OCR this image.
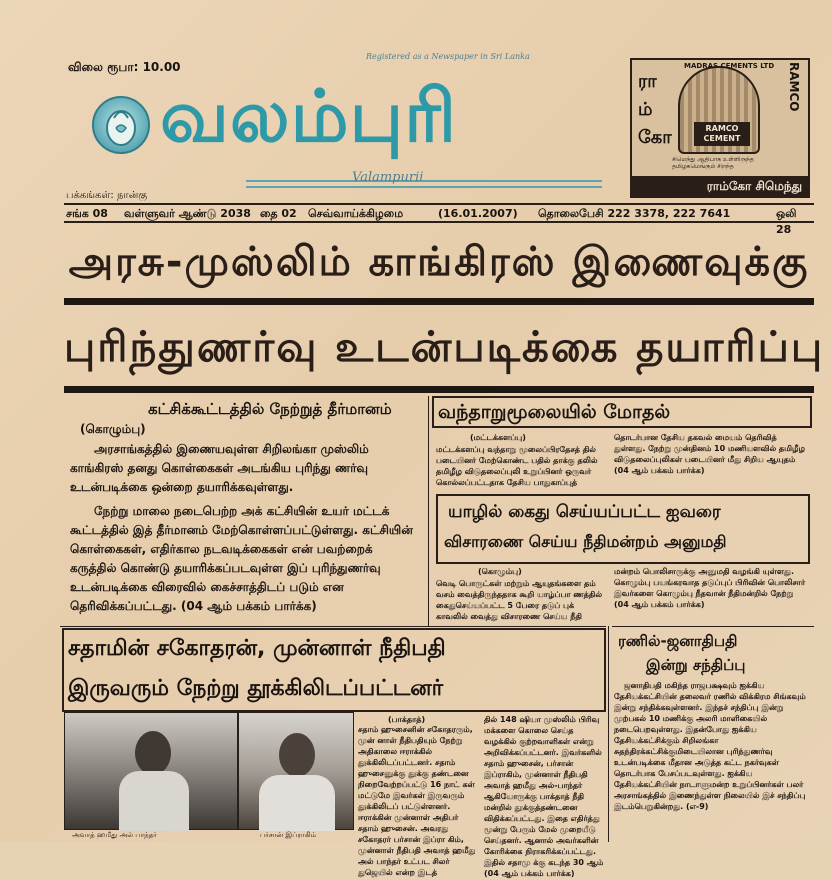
விலை ரூபா: 10.00
Registered as a Newspaper in Sri Lanka
வலம்புரி
Valampurii
பக்கங்கள்: நான்கு
ரா
ம்
கோ
MADRAS CEMENTS LTD
RAMCO CEMENT
RAMCO
சிமெந்து ஆதிபாக உள்ளிருந்த தமிழகமெங்கும் சிறந்த
ராம்கோ சிமெந்து
சங்க 08 வள்ளுவர் ஆண்டு 2038 தை 02 செவ்வாய்க்கிழமை	(16.01.2007) தொலைபேசி 222 3378, 222 7641	ஒலி 28
அரசு-முஸ்லிம் காங்கிரஸ் இணைவுக்கு
புரிந்துணர்வு உடன்படிக்கை தயாரிப்பு
கட்சிக்கூட்டத்தில் நேற்றுத் தீர்மானம்
(கொழும்பு)
அரசாங்கத்தில் இணையவுள்ள சிறிலங்கா முஸ்லிம் காங்கிரஸ் தனது கொள்கைகள் அடங்கிய புரிந்து ணர்வு உடன்படிக்கை ஒன்றை தயாரிக்கவுள்ளது.
நேற்று மாலை நடைபெற்ற அக் கட்சியின் உயர் மட்டக் கூட்டத்தில் இத் தீர்மானம் மேற்கொள்ளப்பட்டுள்ளது. கட்சியின் கொள்கைகள், எதிர்கால நடவடிக்கைகள் என் பவற்றைக் கருத்தில் கொண்டு தயாரிக்கப்படவுள்ள இப் புரிந்துணர்வு உடன்படிக்கை விரைவில் கைச்சாத்திடப் படும் என தெரிவிக்கப்பட்டது. (04 ஆம் பக்கம் பார்க்க)
வந்தாறுமூலையில் மோதல்
(மட்டக்களப்பு)
மட்டக்களப்பு வந்தாறு மூலைப்பிரதேசத் தில் படையினர் மேற்கொண்ட பதில் தாக்கு தலில் தமிழீழ விடுதலைப்புலி உறுப்பினர் ஒருவர் கொல்லப்பட்டதாக தேசிய பாதுகாப்புத்
தொடர்பான தேசிய தகவல் மையம் தெரிவித் துள்ளது. நேற்று முன்தினம் 10 மணியளவில் தமிழீழ விடுதலைப்புலிகள் படையினர் மீது சிறிய ஆயுதம் (04 ஆம் பக்கம் பார்க்க)
யாழில் கைது செய்யப்பட்ட ஐவரை
விசாரணை செய்ய நீதிமன்றம் அனுமதி
(கொழும்பு)
வெடி பொருட்கள் மற்றும் ஆயுதங்களை தம் வசம் வைத்திருந்ததாக கூறி யாழ்ப்பா ணத்தில் கைதுசெய்யப்பட்ட 5 பேரை தடுப் புக் காவலில் வைத்து விசாரணை செய்ய நீதி
மன்றம் பொலிசாருக்கு அனுமதி வழங்கி யுள்ளது. கொழும்பு பயங்கரவாத தடுப்புப் பிரிவின் பொலிசார் இவர்களை கொழும்பு நீதவான் நீதிமன்றில் நேற்று (04 ஆம் பக்கம் பார்க்க)
சதாமின் சகோதரன், முன்னாள் நீதிபதி
இருவரும் நேற்று தூக்கிலிடப்பட்டனர்
அவாத் ஹமீது அல் பாந்தர்	பர்சான் இப்ராகிம்
(பாக்தாத்)
சதாம் ஹுசைனின் சகோதரரும், முன் னாள் நீதிபதியும் நேற்று அதிகாலை ஈராக்கில் தூக்கிலிடப்பட்டனர். சதாம் ஹுசைனுக்கு தூக்கு தண்டனை நிறைவேற்றப்பட்டு 16 நாட் கள் மட்டுமே இவர்கள் இருவரும் தூக்கிலிடப் பட்டுள்ளனர். ஈராக்கின் முன்னாள் அதிபர் சதாம் ஹுசைன். அவரது சகோதரர் பர்சான் இப்ரா கிம், முன்னாள் நீதிபதி அவாத் ஹமீது அல் பாந்தர் உட்பட சிலர் துஜெயில் என்ற இடத்
தில் 148 ஷியா முஸ்லிம் பிரிவு மக்களை கொலை செய்த வழக்கில் குற்றவாளிகள் என்று அறிவிக்கப்பட்டனர். இவர்களில் சதாம் ஹுசைன், பர்சான் இப்ராகிம், முன்னாள் நீதிபதி அவாத் ஹமீது அல்-பாந்தர் ஆகியோருக்கு பாக்தாத் நீதி மன்றில் தூக்குத்தண்டனை விதிக்கப்பட்டது. இதை எதிர்த்து மூன்று பேரும் மேல் முறையீடு செய்தனர். ஆனால் அவர்களின் கோரிக்கை நிராகரிக்கப்பட்டது. இதில் சதாமு க்கு கடந்த 30 ஆம் (04 ஆம் பக்கம் பார்க்க)
ரணில்-ஜனாதிபதி
இன்று சந்திப்பு
ஜனாதிபதி மகிந்த ராஜபக்ஷவும் ஐக்கிய தேசியக்கட்சியின் தலைவர் ரணில் விக்கிரம சிங்கவும் இன்று சந்திக்கவுள்ளனர். இந்தச் சந்திப்பு இன்று முற்பகல் 10 மணிக்கு அலரி மாளிகையில் நடைபெறவுள்ளது. இதன்போது ஐக்கிய தேசியக்கட்சிக்கும் சிறிலங்கா சுதந்திரக்கட்சிக்குமிடையிலான புரிந்துணர்வு உடன்படிக்கை மீதான அடுத்த கட்ட நகர்வுகள் தொடர்பாக பேசப்படவுள்ளது. ஐக்கிய தேசியக்கட்சியின் நாடாளுமன்ற உறுப்பினர்கள் பலர் அரசாங்கத்தில் இணைந்துள்ள நிலையில் இச் சந்திப்பு இடம்பெறுகின்றது. (எ-9)
